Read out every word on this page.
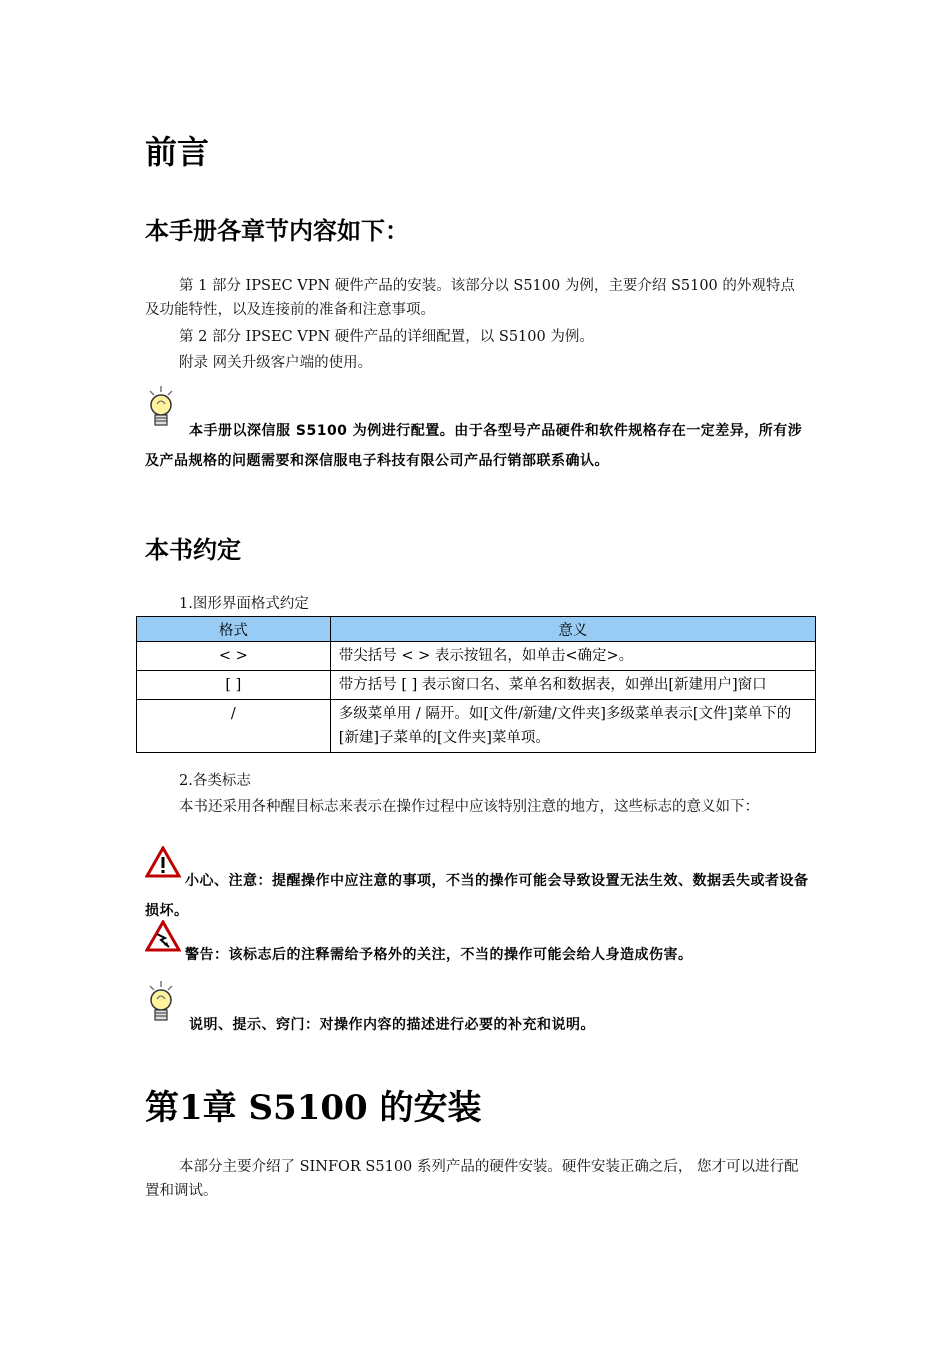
前言
本手册各章节内容如下：
第 1 部分 IPSEC VPN 硬件产品的安装。该部分以 S5100 为例，主要介绍 S5100 的外观特点及功能特性，以及连接前的准备和注意事项。
第 2 部分 IPSEC VPN 硬件产品的详细配置，以 S5100 为例。
附录 网关升级客户端的使用。
本手册以深信服 S5100 为例进行配置。由于各型号产品硬件和软件规格存在一定差异，所有涉及产品规格的问题需要和深信服电子科技有限公司产品行销部联系确认。
本书约定
1.图形界面格式约定
格式	意义
< >	带尖括号 < > 表示按钮名，如单击<确定>。
[ ]	带方括号 [ ] 表示窗口名、菜单名和数据表，如弹出[新建用户]窗口
/	多级菜单用 / 隔开。如[文件/新建/文件夹]多级菜单表示[文件]菜单下的[新建]子菜单的[文件夹]菜单项。
2.各类标志
本书还采用各种醒目标志来表示在操作过程中应该特别注意的地方，这些标志的意义如下：
小心、注意：提醒操作中应注意的事项，不当的操作可能会导致设置无法生效、数据丢失或者设备损坏。
警告：该标志后的注释需给予格外的关注，不当的操作可能会给人身造成伤害。
说明、提示、窍门：对操作内容的描述进行必要的补充和说明。
第1章 S5100 的安装
本部分主要介绍了 SINFOR S5100 系列产品的硬件安装。硬件安装正确之后， 您才可以进行配置和调试。
